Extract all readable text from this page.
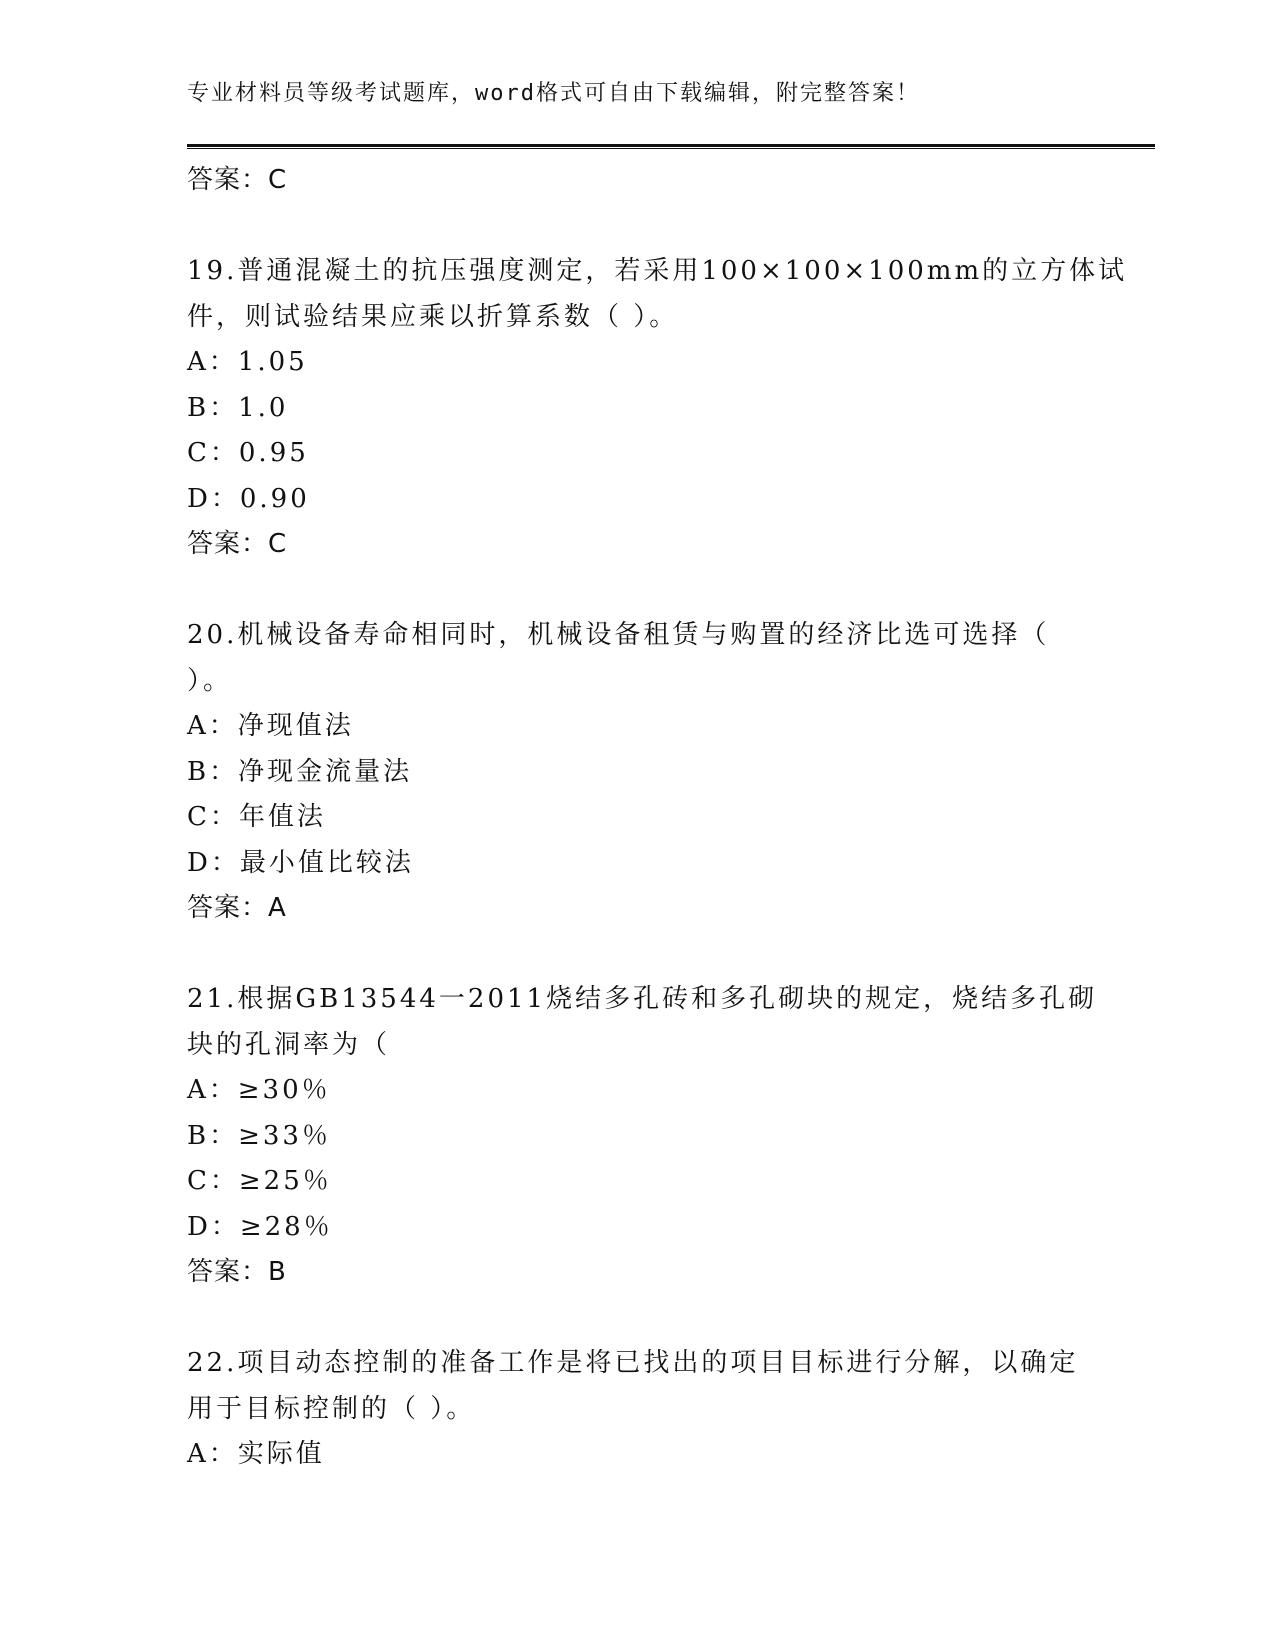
专业材料员等级考试题库，word格式可自由下载编辑，附完整答案！
答案：C
19.普通混凝土的抗压强度测定，若采用100×100×100mm的立方体试
件，则试验结果应乘以折算系数（ ）。
A：1.05
B：1.0
C：0.95
D：0.90
答案：C
20.机械设备寿命相同时，机械设备租赁与购置的经济比选可选择（
）。
A：净现值法
B：净现金流量法
C：年值法
D：最小值比较法
答案：A
21.根据GB13544一2011烧结多孔砖和多孔砌块的规定，烧结多孔砌
块的孔洞率为（
A：≥30％
B：≥33％
C：≥25％
D：≥28％
答案：B
22.项目动态控制的准备工作是将已找出的项目目标进行分解，以确定
用于目标控制的（ ）。
A：实际值
